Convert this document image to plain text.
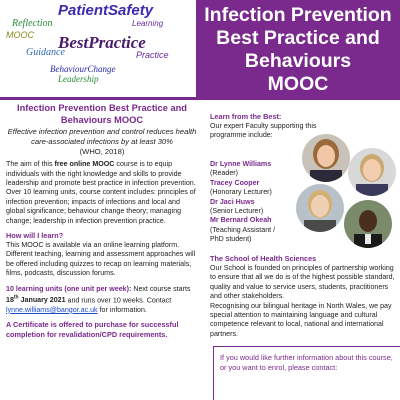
PatientSafety
Reflection	Learning
MOOC BestPractice
Guidance	Practice
BehaviourChange
Leadership
Infection Prevention
Best Practice and
Behaviours
MOOC
Infection Prevention Best Practice and
Behaviours MOOC
Effective infection prevention and control reduces health care-associated infections by at least 30%
(WHO, 2018)
The aim of this free online MOOC course is to equip individuals with the right knowledge and skills to provide leadership and promote best practice in infection prevention. Over 10 learning units, course content includes: principles of infection prevention; impacts of infections and local and global significance; behaviour change theory; managing change; leadership in infection prevention practice.
How will I learn?
This MOOC is available via an online learning platform. Different teaching, learning and assessment approaches will be offered including quizzes to recap on learning materials, films, podcasts, discussion forums.
10 learning units (one unit per week): Next course starts 18th January 2021 and runs over 10 weeks. Contact lynne.williams@bangor.ac.uk for information.
A Certificate is offered to purchase for successful completion for revalidation/CPD requirements.
Learn from the Best:
Our expert Faculty supporting this programme include:
Dr Lynne Williams
(Reader)
Tracey Cooper
(Honorary Lecturer)
Dr Jaci Huws
(Senior Lecturer)
Mr Bernard Okeah
(Teaching Assistant / PhD student)
The School of Health Sciences
Our School is founded on principles of partnership working to ensure that all we do is of the highest possible standard, quality and value to service users, students, practitioners and other stakeholders.
Recognising our bilingual heritage in North Wales, we pay special attention to maintaining language and cultural competence relevant to local, national and international partners.
If you would like further information about this course, or you want to enrol, please contact:
